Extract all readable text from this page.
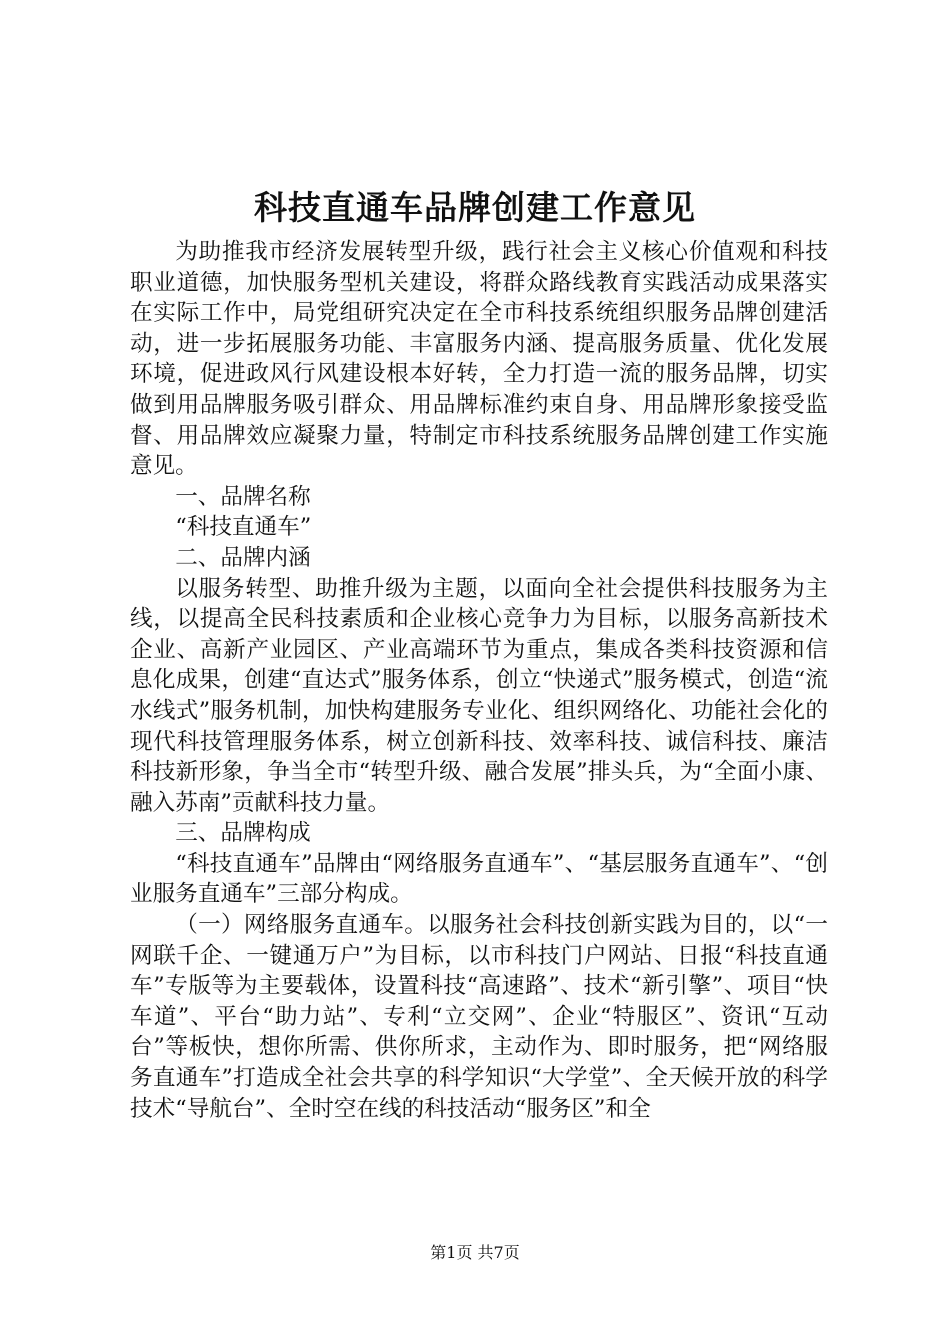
科技直通车品牌创建工作意见

为助推我市经济发展转型升级，践行社会主义核心价值观和科技职业道德，加快服务型机关建设，将群众路线教育实践活动成果落实在实际工作中，局党组研究决定在全市科技系统组织服务品牌创建活动，进一步拓展服务功能、丰富服务内涵、提高服务质量、优化发展环境，促进政风行风建设根本好转，全力打造一流的服务品牌，切实做到用品牌服务吸引群众、用品牌标准约束自身、用品牌形象接受监督、用品牌效应凝聚力量，特制定市科技系统服务品牌创建工作实施意见。

一、品牌名称

“科技直通车”

二、品牌内涵

以服务转型、助推升级为主题，以面向全社会提供科技服务为主线，以提高全民科技素质和企业核心竞争力为目标，以服务高新技术企业、高新产业园区、产业高端环节为重点，集成各类科技资源和信息化成果，创建“直达式”服务体系，创立“快递式”服务模式，创造“流水线式”服务机制，加快构建服务专业化、组织网络化、功能社会化的现代科技管理服务体系，树立创新科技、效率科技、诚信科技、廉洁科技新形象，争当全市“转型升级、融合发展”排头兵，为“全面小康、融入苏南”贡献科技力量。

三、品牌构成

“科技直通车”品牌由“网络服务直通车”、“基层服务直通车”、“创业服务直通车”三部分构成。

（一）网络服务直通车。以服务社会科技创新实践为目的，以“一网联千企、一键通万户”为目标，以市科技门户网站、日报“科技直通车”专版等为主要载体，设置科技“高速路”、技术“新引擎”、项目“快车道”、平台“助力站”、专利“立交网”、企业“特服区”、资讯“互动台”等板快，想你所需、供你所求，主动作为、即时服务，把“网络服务直通车”打造成全社会共享的科学知识“大学堂”、全天候开放的科学技术“导航台”、全时空在线的科技活动“服务区”和全

第1页 共7页
